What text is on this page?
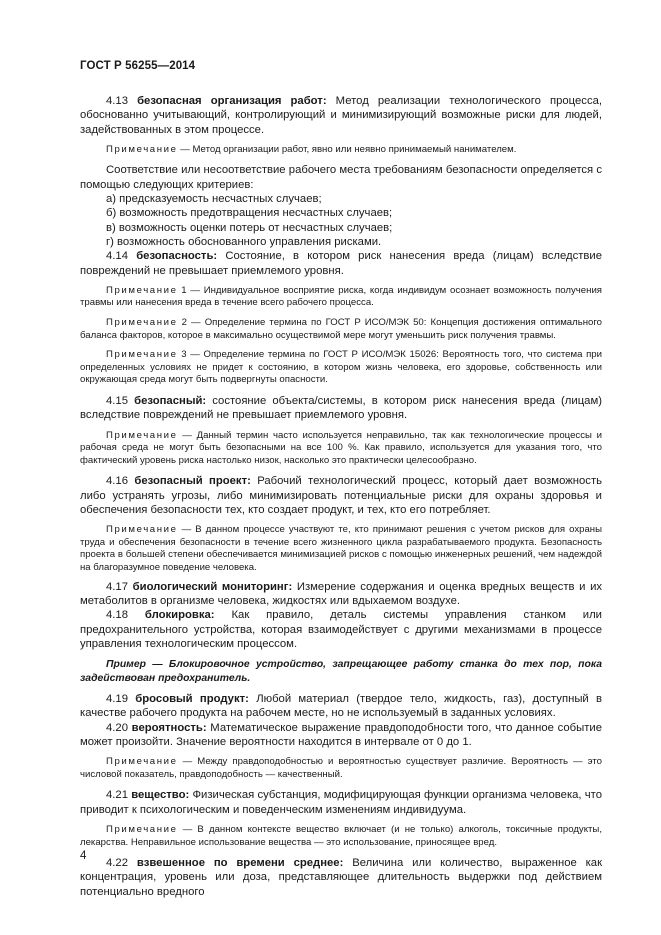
ГОСТ Р 56255—2014

4.13 безопасная организация работ: Метод реализации технологического процесса, обоснованно учитывающий, контролирующий и минимизирующий возможные риски для людей, задействованных в этом процессе.

Примечание — Метод организации работ, явно или неявно принимаемый нанимателем.

Соответствие или несоответствие рабочего места требованиям безопасности определяется с помощью следующих критериев:

а) предсказуемость несчастных случаев;

б) возможность предотвращения несчастных случаев;

в) возможность оценки потерь от несчастных случаев;

г) возможность обоснованного управления рисками.

4.14 безопасность: Состояние, в котором риск нанесения вреда (лицам) вследствие повреждений не превышает приемлемого уровня.

Примечание 1 — Индивидуальное восприятие риска, когда индивидум осознает возможность получения травмы или нанесения вреда в течение всего рабочего процесса.

Примечание 2 — Определение термина по ГОСТ Р ИСО/МЭК 50: Концепция достижения оптимального баланса факторов, которое в максимально осуществимой мере могут уменьшить риск получения травмы.

Примечание 3 — Определение термина по ГОСТ Р ИСО/МЭК 15026: Вероятность того, что система при определенных условиях не придет к состоянию, в котором жизнь человека, его здоровье, собственность или окружающая среда могут быть подвергнуты опасности.

4.15 безопасный: состояние объекта/системы, в котором риск нанесения вреда (лицам) вследствие повреждений не превышает приемлемого уровня.

Примечание — Данный термин часто используется неправильно, так как технологические процессы и рабочая среда не могут быть безопасными на все 100 %. Как правило, используется для указания того, что фактический уровень риска настолько низок, насколько это практически целесообразно.

4.16 безопасный проект: Рабочий технологический процесс, который дает возможность либо устранять угрозы, либо минимизировать потенциальные риски для охраны здоровья и обеспечения безопасности тех, кто создает продукт, и тех, кто его потребляет.

Примечание — В данном процессе участвуют те, кто принимают решения с учетом рисков для охраны труда и обеспечения безопасности в течение всего жизненного цикла разрабатываемого продукта. Безопасность проекта в большей степени обеспечивается минимизацией рисков с помощью инженерных решений, чем надеждой на благоразумное поведение человека.

4.17 биологический мониторинг: Измерение содержания и оценка вредных веществ и их метаболитов в организме человека, жидкостях или вдыхаемом воздухе.

4.18 блокировка: Как правило, деталь системы управления станком или предохранительного устройства, которая взаимодействует с другими механизмами в процессе управления технологическим процессом.

Пример — Блокировочное устройство, запрещающее работу станка до тех пор, пока задействован предохранитель.

4.19 бросовый продукт: Любой материал (твердое тело, жидкость, газ), доступный в качестве рабочего продукта на рабочем месте, но не используемый в заданных условиях.

4.20 вероятность: Математическое выражение правдоподобности того, что данное событие может произойти. Значение вероятности находится в интервале от 0 до 1.

Примечание — Между правдоподобностью и вероятностью существует различие. Вероятность — это числовой показатель, правдоподобность — качественный.

4.21 вещество: Физическая субстанция, модифицирующая функции организма человека, что приводит к психологическим и поведенческим изменениям индивидуума.

Примечание — В данном контексте вещество включает (и не только) алкоголь, токсичные продукты, лекарства. Неправильное использование вещества — это использование, приносящее вред.

4.22 взвешенное по времени среднее: Величина или количество, выраженное как концентрация, уровень или доза, представляющее длительность выдержки под действием потенциально вредного

4
